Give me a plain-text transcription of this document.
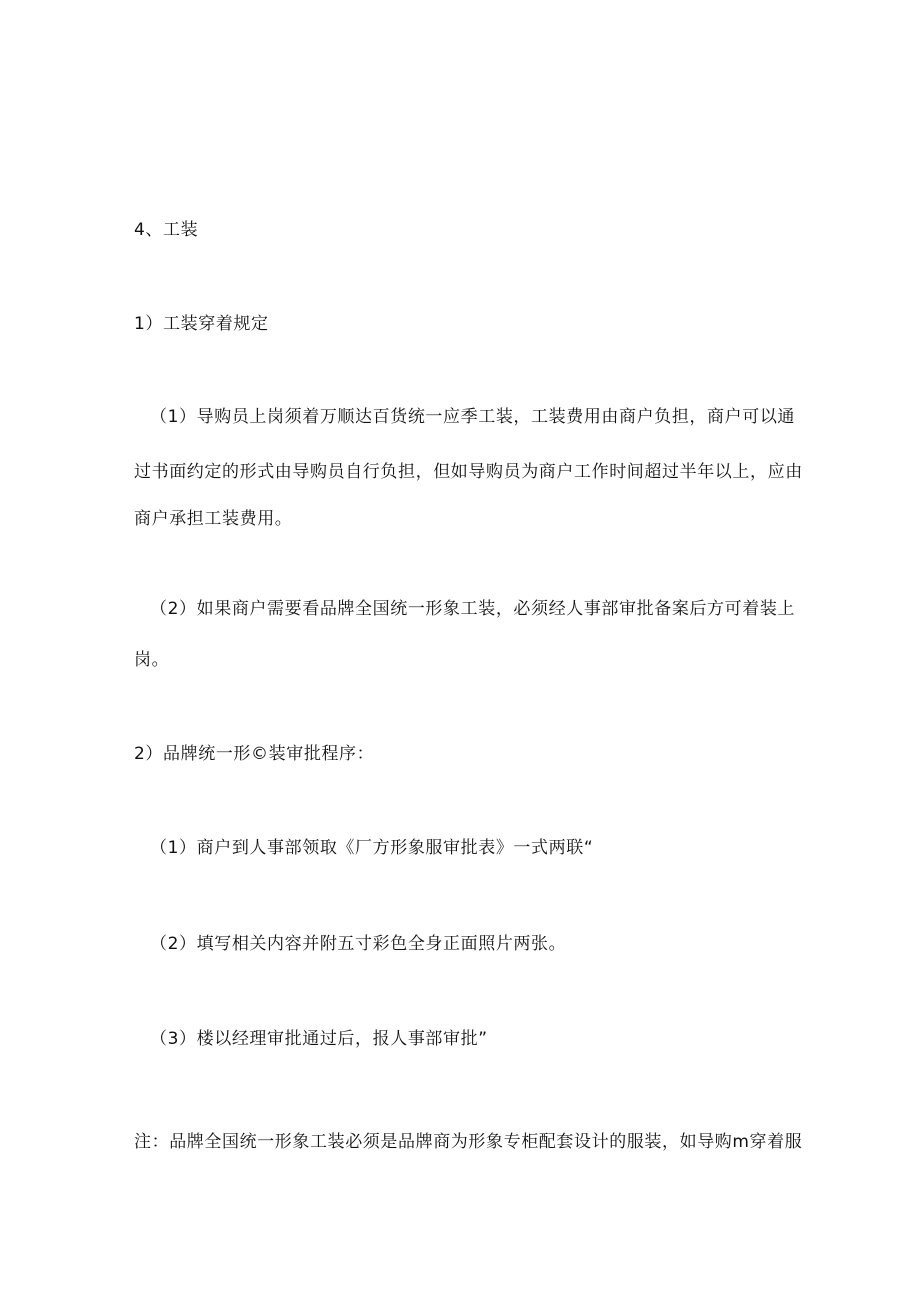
4、工装
1）工装穿着规定
（1）导购员上岗须着万顺达百货统一应季工装，工装费用由商户负担，商户可以通
过书面约定的形式由导购员自行负担，但如导购员为商户工作时间超过半年以上，应由
商户承担工装费用。
（2）如果商户需要看品牌全国统一形象工装，必须经人事部审批备案后方可着装上
岗。
2）品牌统一形©装审批程序：
（1）商户到人事部领取《厂方形象服审批表》一式两联“
（2）填写相关内容并附五寸彩色全身正面照片两张。
（3）楼以经理审批通过后，报人事部审批”
注：品牌全国统一形象工装必须是品牌商为形象专柜配套设计的服装，如导购m穿着服
